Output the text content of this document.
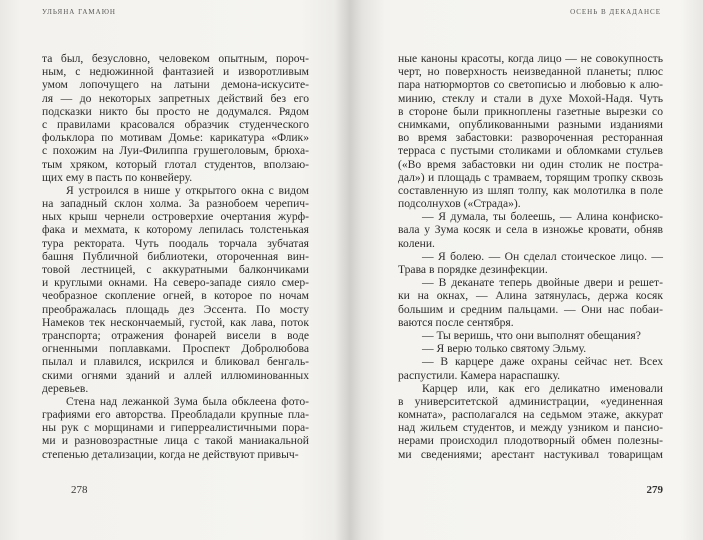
УЛЬЯНА ГАМАЮН
та был, безусловно, человеком опытным, пороч-
ным, с недюжинной фантазией и изворотливым
умом лопочущего на латыни демона-искусите-
ля — до некоторых запретных действий без его
подсказки никто бы просто не додумался. Рядом
с правилами красовался образчик студенческого
фольклора по мотивам Домье: карикатура «Флик»
с похожим на Луи-Филиппа грушеголовым, брюха-
тым хряком, который глотал студентов, вползаю-
щих ему в пасть по конвейеру.
Я устроился в нише у открытого окна с видом
на западный склон холма. За разнобоем черепич-
ных крыш чернели островерхие очертания журф-
фака и мехмата, к которому лепилась толстенькая
тура ректората. Чуть поодаль торчала зубчатая
башня Публичной библиотеки, отороченная вин-
товой лестницей, с аккуратными балкончиками
и круглыми окнами. На северо-западе сияло смер-
чеобразное скопление огней, в которое по ночам
преображалась площадь дез Эссента. По мосту
Намеков тек нескончаемый, густой, как лава, поток
транспорта; отражения фонарей висели в воде
огненными поплавками. Проспект Добролюбова
пылал и плавился, искрился и бликовал бенгаль-
скими огнями зданий и аллей иллюминованных
деревьев.
Стена над лежанкой Зума была обклеена фото-
графиями его авторства. Преобладали крупные пла-
ны рук с морщинами и гиперреалистичными пора-
ми и разновозрастные лица с такой маниакальной
степенью детализации, когда не действуют привыч-
278
ОСЕНЬ В ДЕКАДАНСЕ
ные каноны красоты, когда лицо — не совокупность
черт, но поверхность неизведанной планеты; плюс
пара натюрмортов со светописью и любовью к алю-
минию, стеклу и стали в духе Мохой-Надя. Чуть
в стороне были прикноплены газетные вырезки со
снимками, опубликованными разными изданиями
во время забастовки: развороченная ресторанная
терраса с пустыми столиками и обломками стульев
(«Во время забастовки ни один столик не постра-
дал») и площадь с трамваем, торящим тропку сквозь
составленную из шляп толпу, как молотилка в поле
подсолнухов («Страда»).
— Я думала, ты болеешь, — Алина конфиско-
вала у Зума косяк и села в изножье кровати, обняв
колени.
— Я болею. — Он сделал стоическое лицо. —
Трава в порядке дезинфекции.
— В деканате теперь двойные двери и решет-
ки на окнах, — Алина затянулась, держа косяк
большим и средним пальцами. — Они нас побаи-
ваются после сентября.
— Ты веришь, что они выполнят обещания?
— Я верю только святому Эльму.
— В карцере даже охраны сейчас нет. Всех
распустили. Камера нараспашку.
Карцер или, как его деликатно именовали
в университетской администрации, «уединенная
комната», располагался на седьмом этаже, аккурат
над жильем студентов, и между узником и пансио-
нерами происходил плодотворный обмен полезны-
ми сведениями; арестант настукивал товарищам
279
